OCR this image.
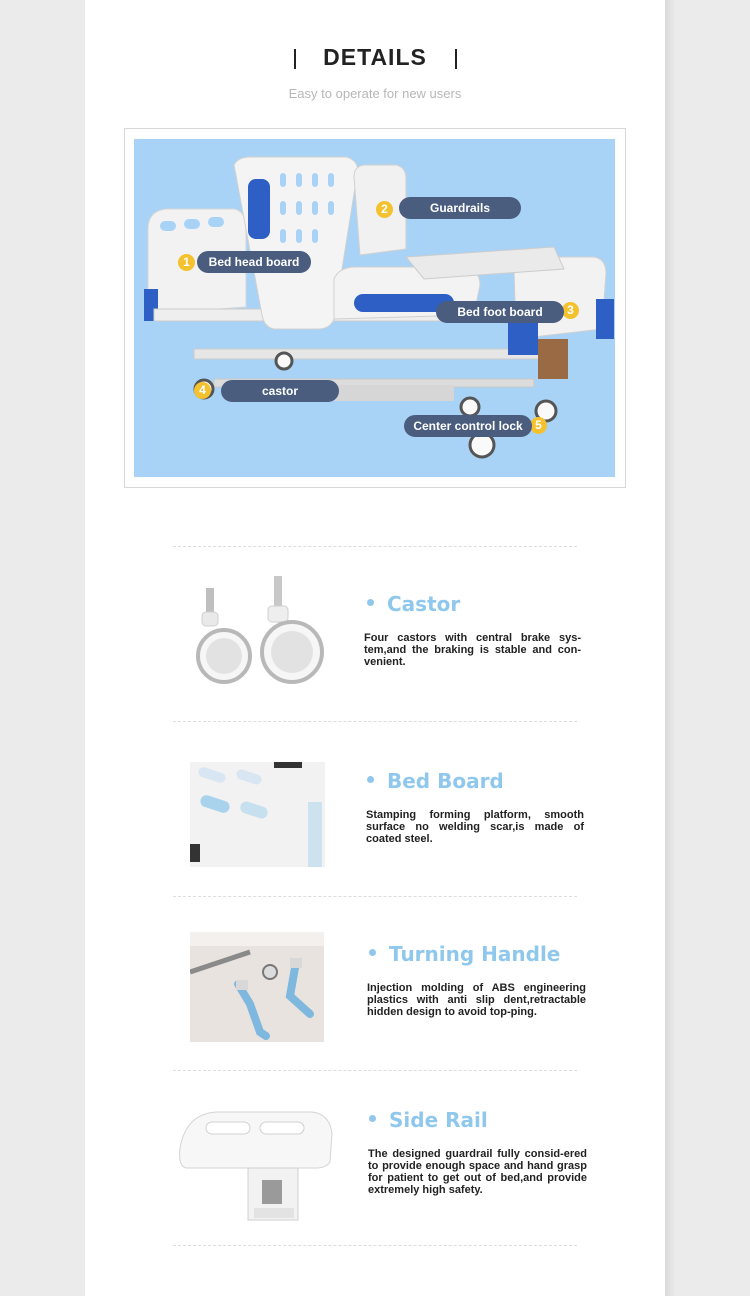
DETAILS
Easy to operate for new users
1	Bed head board
2	Guardrails
3
Bed foot board
4	castor
5
Center control lock
Castor
Four castors with central brake sys-tem,and the braking is stable and con-venient.
Bed Board
Stamping forming platform, smooth surface no welding scar,is made of coated steel.
Turning Handle
Injection molding of ABS engineering plastics with anti slip dent,retractable hidden design to avoid top-ping.
Side Rail
The designed guardrail fully consid-ered to provide enough space and hand grasp for patient to get out of bed,and provide extremely high safety.
